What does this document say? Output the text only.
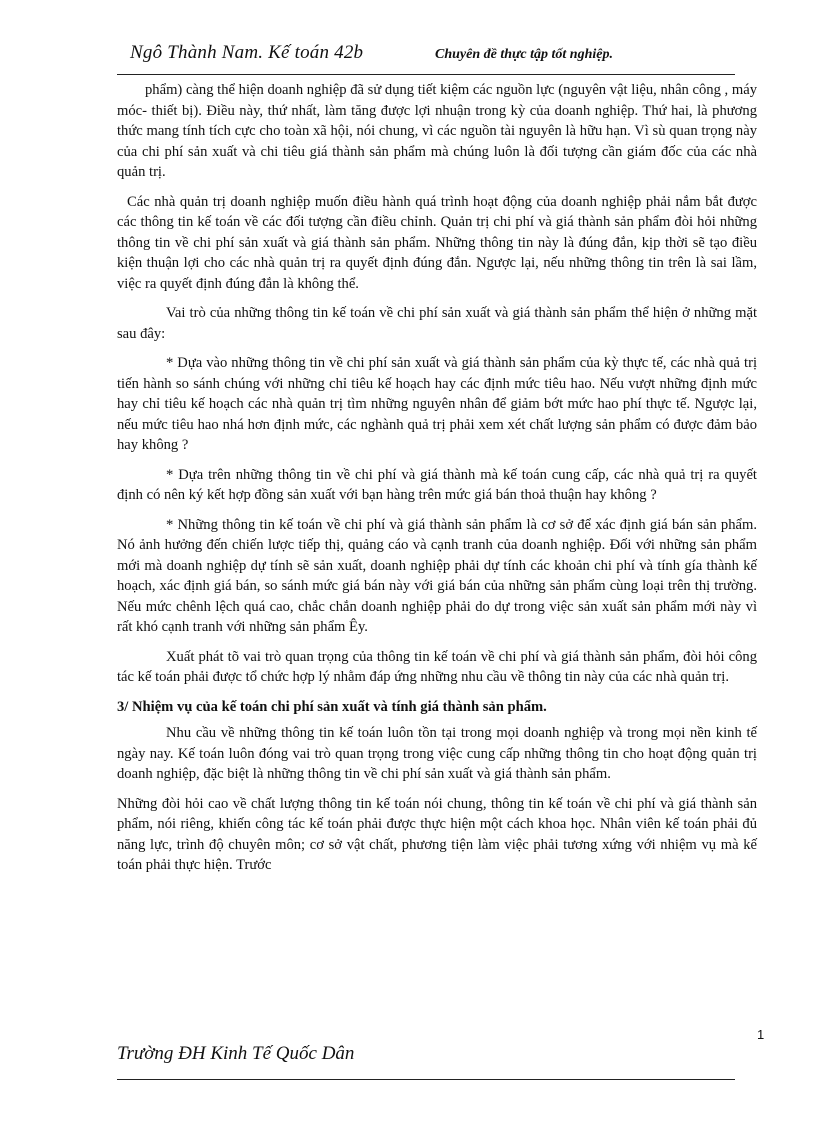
Ngô Thành Nam. Kế toán 42b	Chuyên đề thực tập tốt nghiệp.

phẩm) càng thể hiện doanh nghiệp đã sử dụng tiết kiệm các nguồn lực (nguyên vật liệu, nhân công , máy móc- thiết bị). Điều này, thứ nhất, làm tăng được lợi nhuận trong kỳ của doanh nghiệp. Thứ hai, là phương thức mang tính tích cực cho toàn xã hội, nói chung, vì các nguồn tài nguyên là hữu hạn. Vì sù quan trọng này của chi phí sản xuất và chi tiêu giá thành sản phẩm mà chúng luôn là đối tượng cần giám đốc của các nhà quản trị.

Các nhà quản trị doanh nghiệp muốn điều hành quá trình hoạt động của doanh nghiệp phải nắm bắt được các thông tin kế toán về các đối tượng cần điều chỉnh. Quản trị chi phí và giá thành sản phẩm đòi hỏi những thông tin về chi phí sản xuất và giá thành sản phẩm. Những thông tin này là đúng đắn, kịp thời sẽ tạo điều kiện thuận lợi cho các nhà quản trị ra quyết định đúng đắn. Ngược lại, nếu những thông tin trên là sai lầm, việc ra quyết định đúng đắn là không thể.

Vai trò của những thông tin kế toán về chi phí sản xuất và giá thành sản phẩm thể hiện ở những mặt sau đây:

* Dựa vào những thông tin về chi phí sản xuất và giá thành sản phẩm của kỳ thực tế, các nhà quả trị tiến hành so sánh chúng với những chỉ tiêu kế hoạch hay các định mức tiêu hao. Nếu vượt những định mức hay chỉ tiêu kế hoạch các nhà quản trị tìm những nguyên nhân để giảm bớt mức hao phí thực tế. Ngược lại, nếu mức tiêu hao nhá hơn định mức, các nghành quả trị phải xem xét chất lượng sản phẩm có được đảm bảo hay không ?

* Dựa trên những thông tin về chi phí và giá thành mà kế toán cung cấp, các nhà quả trị ra quyết định có nên ký kết hợp đồng sản xuất với bạn hàng trên mức giá bán thoả thuận hay không ?

* Những thông tin kế toán về chi phí và giá thành sản phẩm là cơ sở để xác định giá bán sản phẩm. Nó ảnh hưởng đến chiến lược tiếp thị, quảng cáo và cạnh tranh của doanh nghiệp. Đối với những sản phẩm mới mà doanh nghiệp dự tính sẽ sản xuất, doanh nghiệp phải dự tính các khoản chi phí và tính gía thành kế hoạch, xác định giá bán, so sánh mức giá bán này với giá bán của những sản phẩm cùng loại trên thị trường. Nếu mức chênh lệch quá cao, chắc chắn doanh nghiệp phải do dự trong việc sản xuất sản phẩm mới này vì rất khó cạnh tranh với những sản phẩm Êy.

Xuất phát tõ vai trò quan trọng của thông tin kế toán về chi phí và giá thành sản phẩm, đòi hỏi công tác kế toán phải được tổ chức hợp lý nhằm đáp ứng những nhu cầu về thông tin này của các nhà quản trị.

3/ Nhiệm vụ của kế toán chi phí sản xuất và tính giá thành sản phẩm.

Nhu cầu về những thông tin kế toán luôn tồn tại trong mọi doanh nghiệp và trong mọi nền kinh tế ngày nay. Kế toán luôn đóng vai trò quan trọng trong việc cung cấp những thông tin cho hoạt động quản trị doanh nghiệp, đặc biệt là những thông tin về chi phí sản xuất và giá thành sản phẩm.

Những đòi hỏi cao về chất lượng thông tin kế toán nói chung, thông tin kế toán về chi phí và giá thành sản phẩm, nói riêng, khiến công tác kế toán phải được thực hiện một cách khoa học. Nhân viên kế toán phải đủ năng lực, trình độ chuyên môn; cơ sở vật chất, phương tiện làm việc phải tương xứng với nhiệm vụ mà kế toán phải thực hiện. Trước

1
Trường ĐH Kinh Tế Quốc Dân
